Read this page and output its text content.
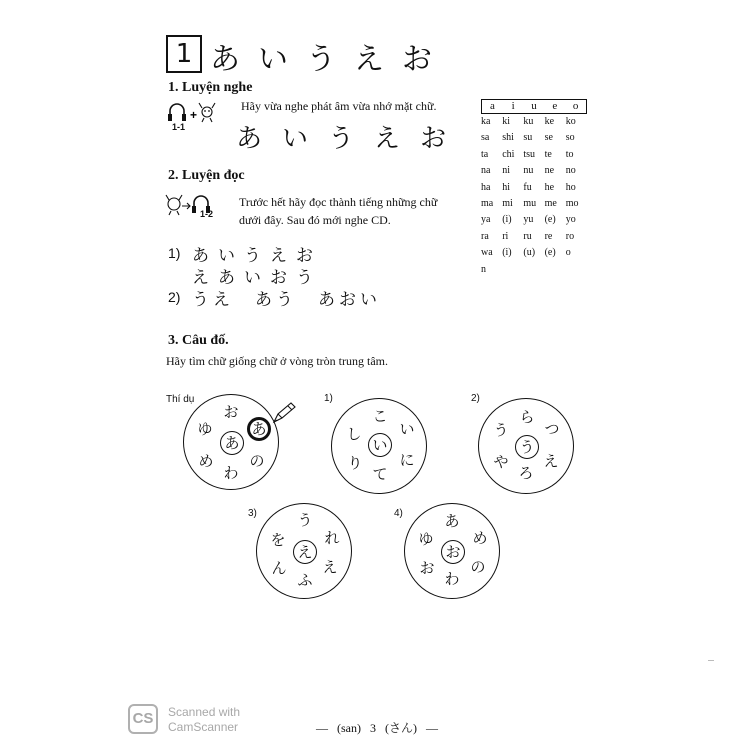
1 あいうえお
1. Luyện nghe
+
1-1
Hãy vừa nghe phát âm vừa nhớ mặt chữ.
あ い う え お
2. Luyện đọc
1-2
Trước hết hãy đọc thành tiếng những chữ
dưới đây. Sau đó mới nghe CD.
1) あいうえお
えあいおう
2) うえ　あう　あおい
a	i	u	e	o
ka	ki	ku	ke	ko
sa	shi su	se	so
ta	chi tsu te	to
na	ni	nu	ne	no
ha	hi	fu	he	ho
ma mi	mu me mo
ya	(i)	yu	(e)	yo
ra	ri	ru	re	ro
wa (i)	(u) (e)	o
n
3. Câu đố.
Hãy tìm chữ giống chữ ở vòng tròn trung tâm.
Thí dụ
お
ゆ
め
わ
の
あ
あ
1)
こ
い
し
に
り
て
い
2)
ら
う つ
や え
ろ
う
3)	う
を	れ
ん え
ふ
え
4)	あ
ゆ	め
お の
わ
お
— (san) 3 (さん) —
CS	Scanned with
CamScanner
